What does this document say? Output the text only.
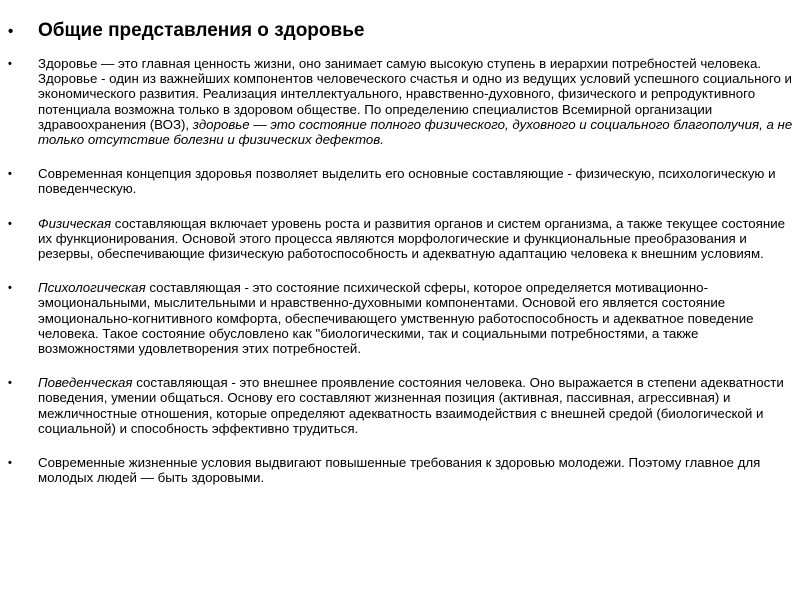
•	Общие представления о здоровье
•	Здоровье — это главная ценность жизни, оно занимает самую высокую ступень в иерархии потребностей человека. Здоровье - один из важнейших компонентов человеческого счастья и одно из ведущих условий успешного социального и экономического развития. Реализация интеллектуального, нравственно-духовного, физического и репродуктивного потенциала возможна только в здоровом обществе. По определению специалистов Всемирной организации здравоохранения (ВОЗ), здоровье — это состояние полного физического, духовного и социального благополучия, а не только отсутствие болезни и физических дефектов.
•	Современная концепция здоровья позволяет выделить его основные составляющие - физическую, психологическую и поведенческую.
•	Физическая составляющая включает уровень роста и развития органов и систем организма, а также текущее состояние их функционирования. Основой этого процесса являются морфологические и функциональные преобразования и резервы, обеспечивающие физическую работоспособность и адекватную адаптацию человека к внешним условиям.
•	Психологическая составляющая - это состояние психической сферы, которое определяется мотивационно-эмоциональными, мыслительными и нравственно-духовными компонентами. Основой его является состояние эмоционально-когнитивного комфорта, обеспечивающего умственную работоспособность и адекватное поведение человека. Такое состояние обусловлено как "биологическими, так и социальными потребностями, а также возможностями удовлетворения этих потребностей.
•	Поведенческая составляющая - это внешнее проявление состояния человека. Оно выражается в степени адекватности поведения, умении общаться. Основу его составляют жизненная позиция (активная, пассивная, агрессивная) и межличностные отношения, которые определяют адекватность взаимодействия с внешней средой (биологической и социальной) и способность эффективно трудиться.
•	Современные жизненные условия выдвигают повышенные требования к здоровью молодежи. Поэтому главное для молодых людей — быть здоровыми.
